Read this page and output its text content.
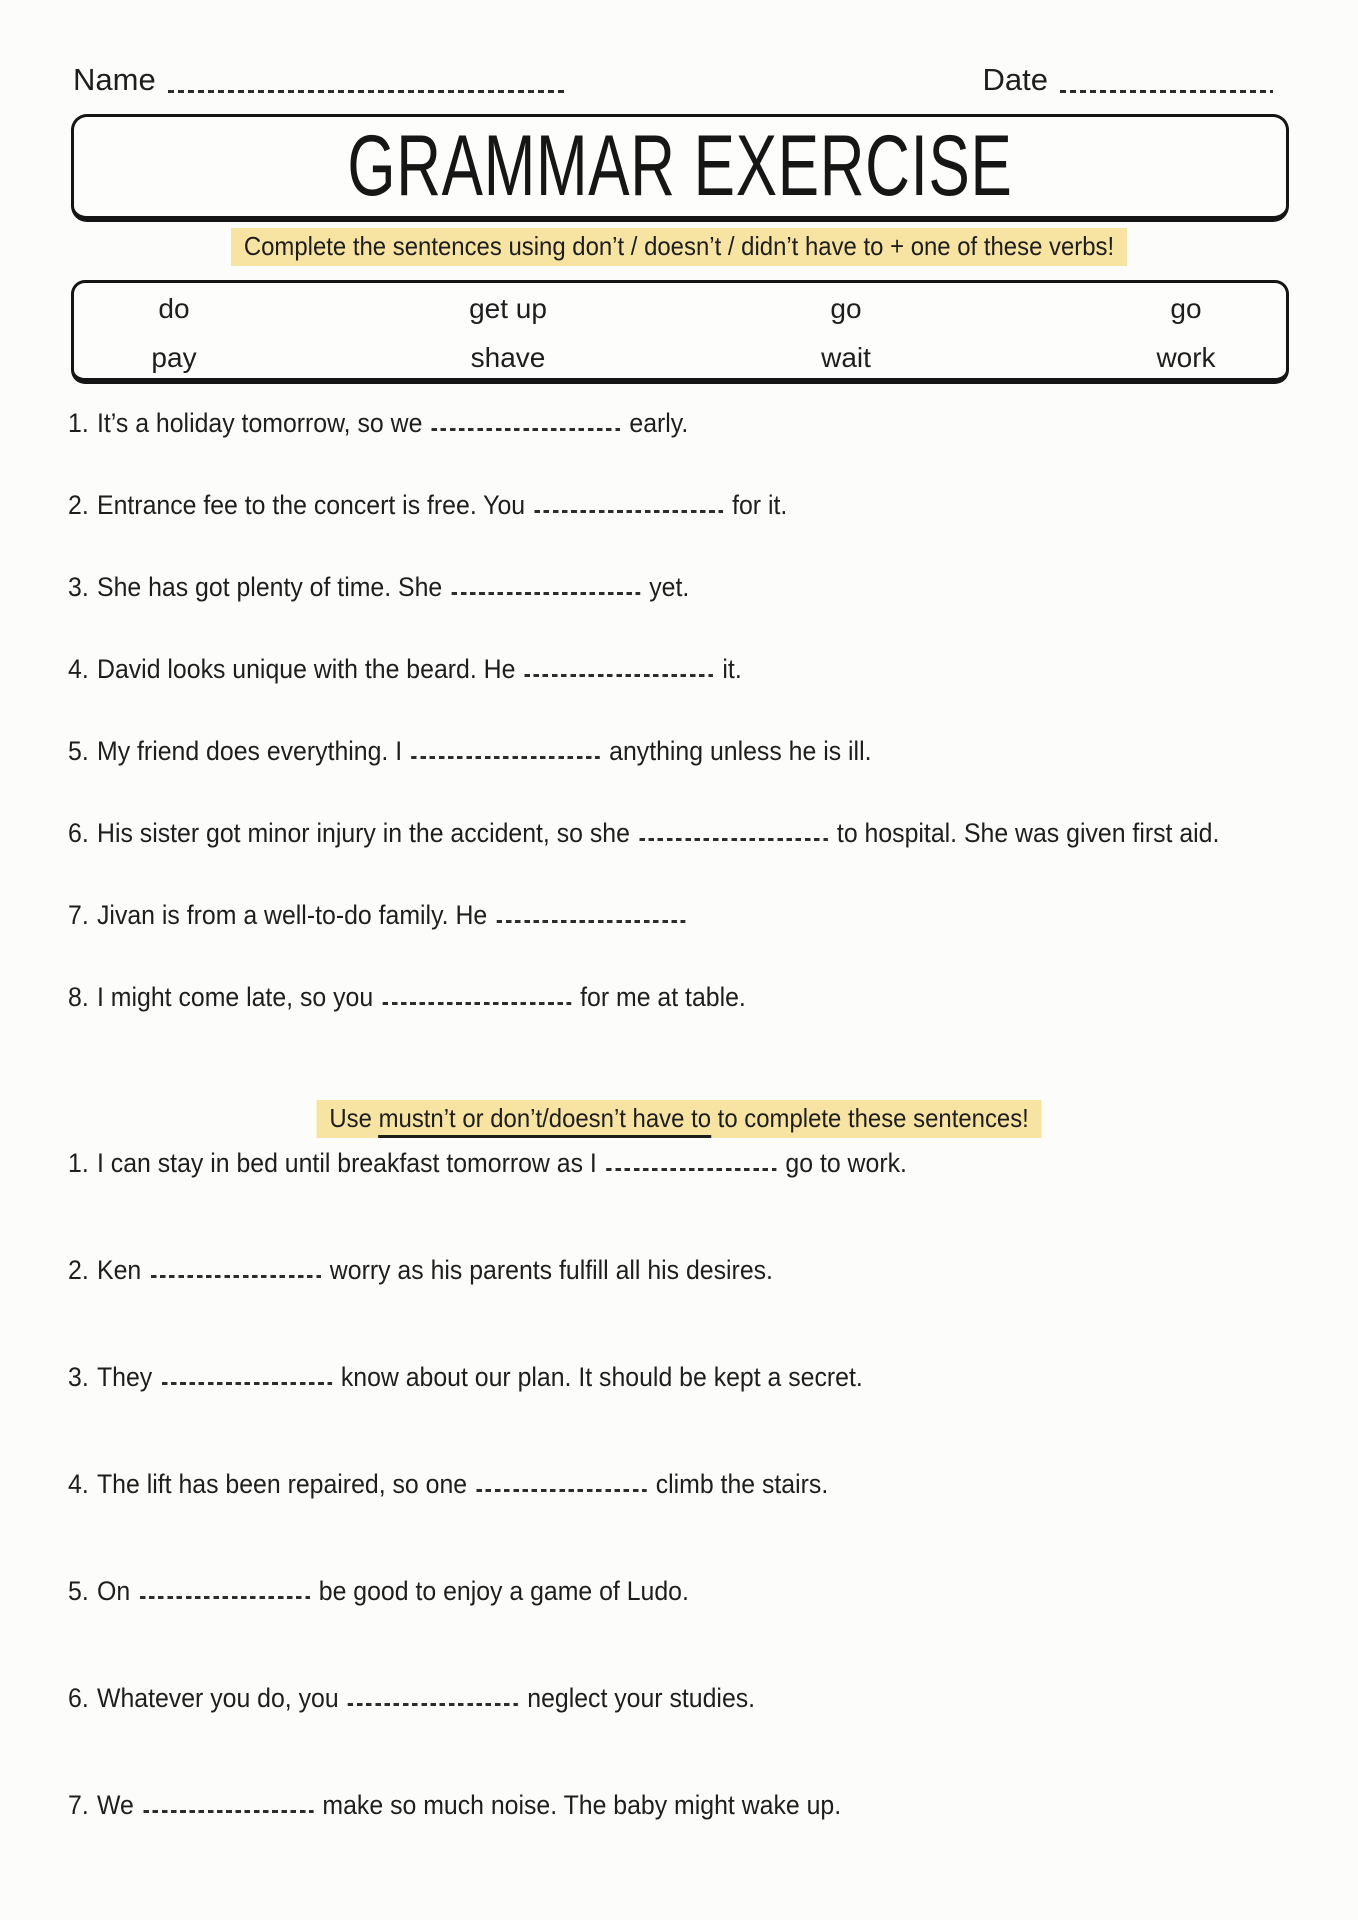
Name	Date
GRAMMAR EXERCISE
Complete the sentences using don’t / doesn’t / didn’t have to + one of these verbs!
do	get up	go	go
pay	shave	wait	work
1. It’s a holiday tomorrow, so we	early.
2. Entrance fee to the concert is free. You	for it.
3. She has got plenty of time. She	yet.
4. David looks unique with the beard. He	it.
5. My friend does everything. I	anything unless he is ill.
6. His sister got minor injury in the accident, so she	to hospital. She was given first aid.
7. Jivan is from a well-to-do family. He
8. I might come late, so you	for me at table.
Use mustn’t or don’t/doesn’t have to to complete these sentences!
1. I can stay in bed until breakfast tomorrow as I	go to work.
2. Ken	worry as his parents fulfill all his desires.
3. They	know about our plan. It should be kept a secret.
4. The lift has been repaired, so one	climb the stairs.
5. On	be good to enjoy a game of Ludo.
6. Whatever you do, you	neglect your studies.
7. We	make so much noise. The baby might wake up.
